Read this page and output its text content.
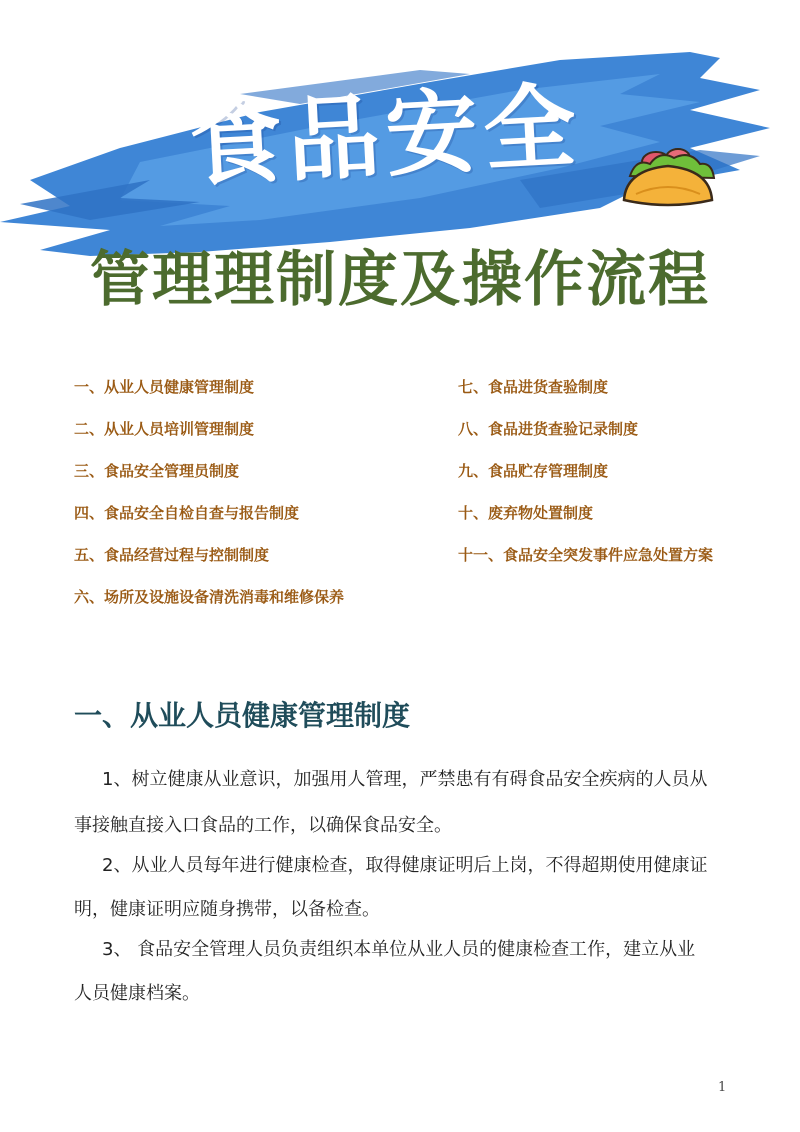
食品安全
管理理制度及操作流程
一、从业人员健康管理制度
二、从业人员培训管理制度
三、食品安全管理员制度
四、食品安全自检自查与报告制度
五、食品经营过程与控制制度
六、场所及设施设备清洗消毒和维修保养
七、食品进货查验制度
八、食品进货查验记录制度
九、食品贮存管理制度
十、废弃物处置制度
十一、食品安全突发事件应急处置方案
一、从业人员健康管理制度
1、树立健康从业意识，加强用人管理，严禁患有有碍食品安全疾病的人员从
事接触直接入口食品的工作，以确保食品安全。
2、从业人员每年进行健康检查，取得健康证明后上岗，不得超期使用健康证
明，健康证明应随身携带，以备检查。
3、 食品安全管理人员负责组织本单位从业人员的健康检查工作，建立从业
人员健康档案。
1
